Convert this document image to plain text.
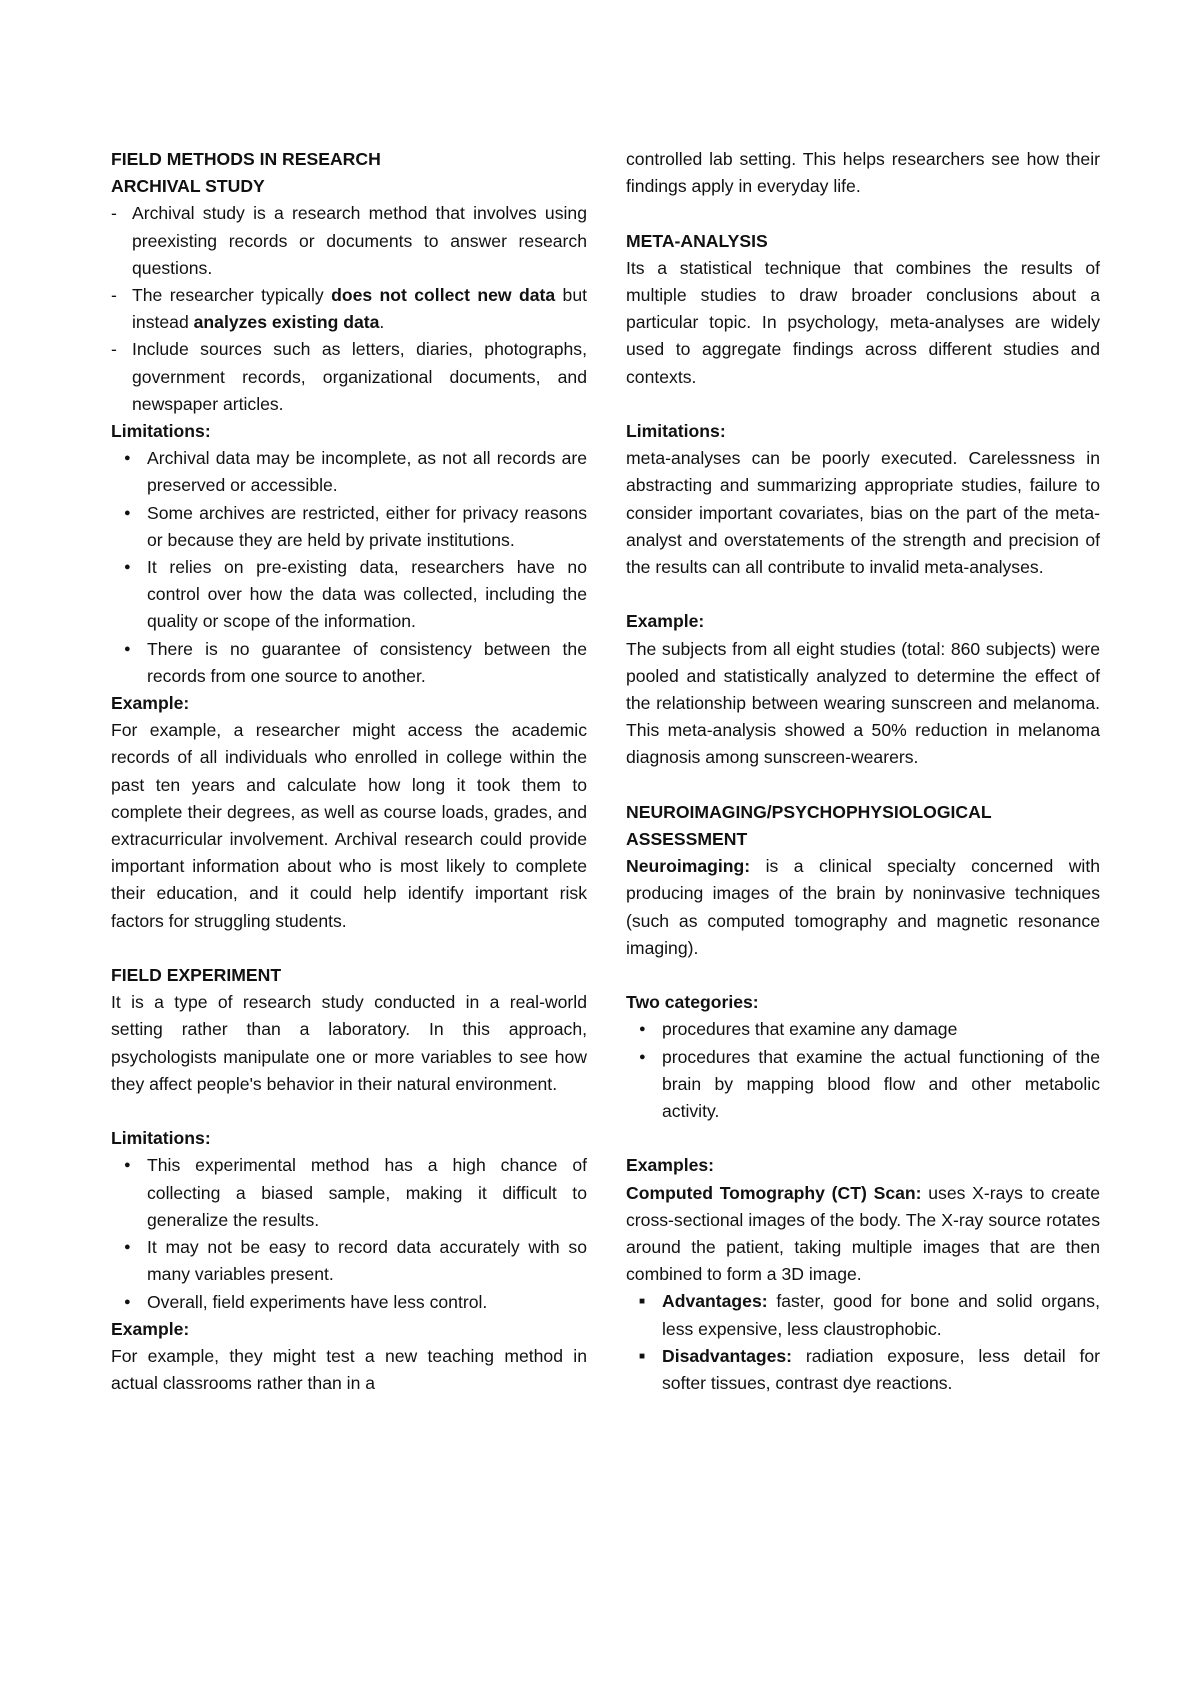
FIELD METHODS IN RESEARCH

ARCHIVAL STUDY

- Archival study is a research method that involves using preexisting records or documents to answer research questions.
- The researcher typically does not collect new data but instead analyzes existing data.
- Include sources such as letters, diaries, photographs, government records, organizational documents, and newspaper articles.

Limitations:

● Archival data may be incomplete, as not all records are preserved or accessible.
● Some archives are restricted, either for privacy reasons or because they are held by private institutions.
● It relies on pre-existing data, researchers have no control over how the data was collected, including the quality or scope of the information.
● There is no guarantee of consistency between the records from one source to another.

Example:

For example, a researcher might access the academic records of all individuals who enrolled in college within the past ten years and calculate how long it took them to complete their degrees, as well as course loads, grades, and extracurricular involvement. Archival research could provide important information about who is most likely to complete their education, and it could help identify important risk factors for struggling students.

FIELD EXPERIMENT

It is a type of research study conducted in a real-world setting rather than a laboratory. In this approach, psychologists manipulate one or more variables to see how they affect people's behavior in their natural environment.

Limitations:

● This experimental method has a high chance of collecting a biased sample, making it difficult to generalize the results.
● It may not be easy to record data accurately with so many variables present.
● Overall, field experiments have less control.

Example:

For example, they might test a new teaching method in actual classrooms rather than in a

controlled lab setting. This helps researchers see how their findings apply in everyday life.

META-ANALYSIS

Its a statistical technique that combines the results of multiple studies to draw broader conclusions about a particular topic. In psychology, meta-analyses are widely used to aggregate findings across different studies and contexts.

Limitations:

meta-analyses can be poorly executed. Carelessness in abstracting and summarizing appropriate studies, failure to consider important covariates, bias on the part of the meta-analyst and overstatements of the strength and precision of the results can all contribute to invalid meta-analyses.

Example:

The subjects from all eight studies (total: 860 subjects) were pooled and statistically analyzed to determine the effect of the relationship between wearing sunscreen and melanoma. This meta-analysis showed a 50% reduction in melanoma diagnosis among sunscreen-wearers.

NEUROIMAGING/PSYCHOPHYSIOLOGICAL

ASSESSMENT

Neuroimaging: is a clinical specialty concerned with producing images of the brain by noninvasive techniques (such as computed tomography and magnetic resonance imaging).

Two categories:

● procedures that examine any damage
● procedures that examine the actual functioning of the brain by mapping blood flow and other metabolic activity.

Examples:

Computed Tomography (CT) Scan: uses X-rays to create cross-sectional images of the body. The X-ray source rotates around the patient, taking multiple images that are then combined to form a 3D image.

■ Advantages: faster, good for bone and solid organs, less expensive, less claustrophobic.
■ Disadvantages: radiation exposure, less detail for softer tissues, contrast dye reactions.
